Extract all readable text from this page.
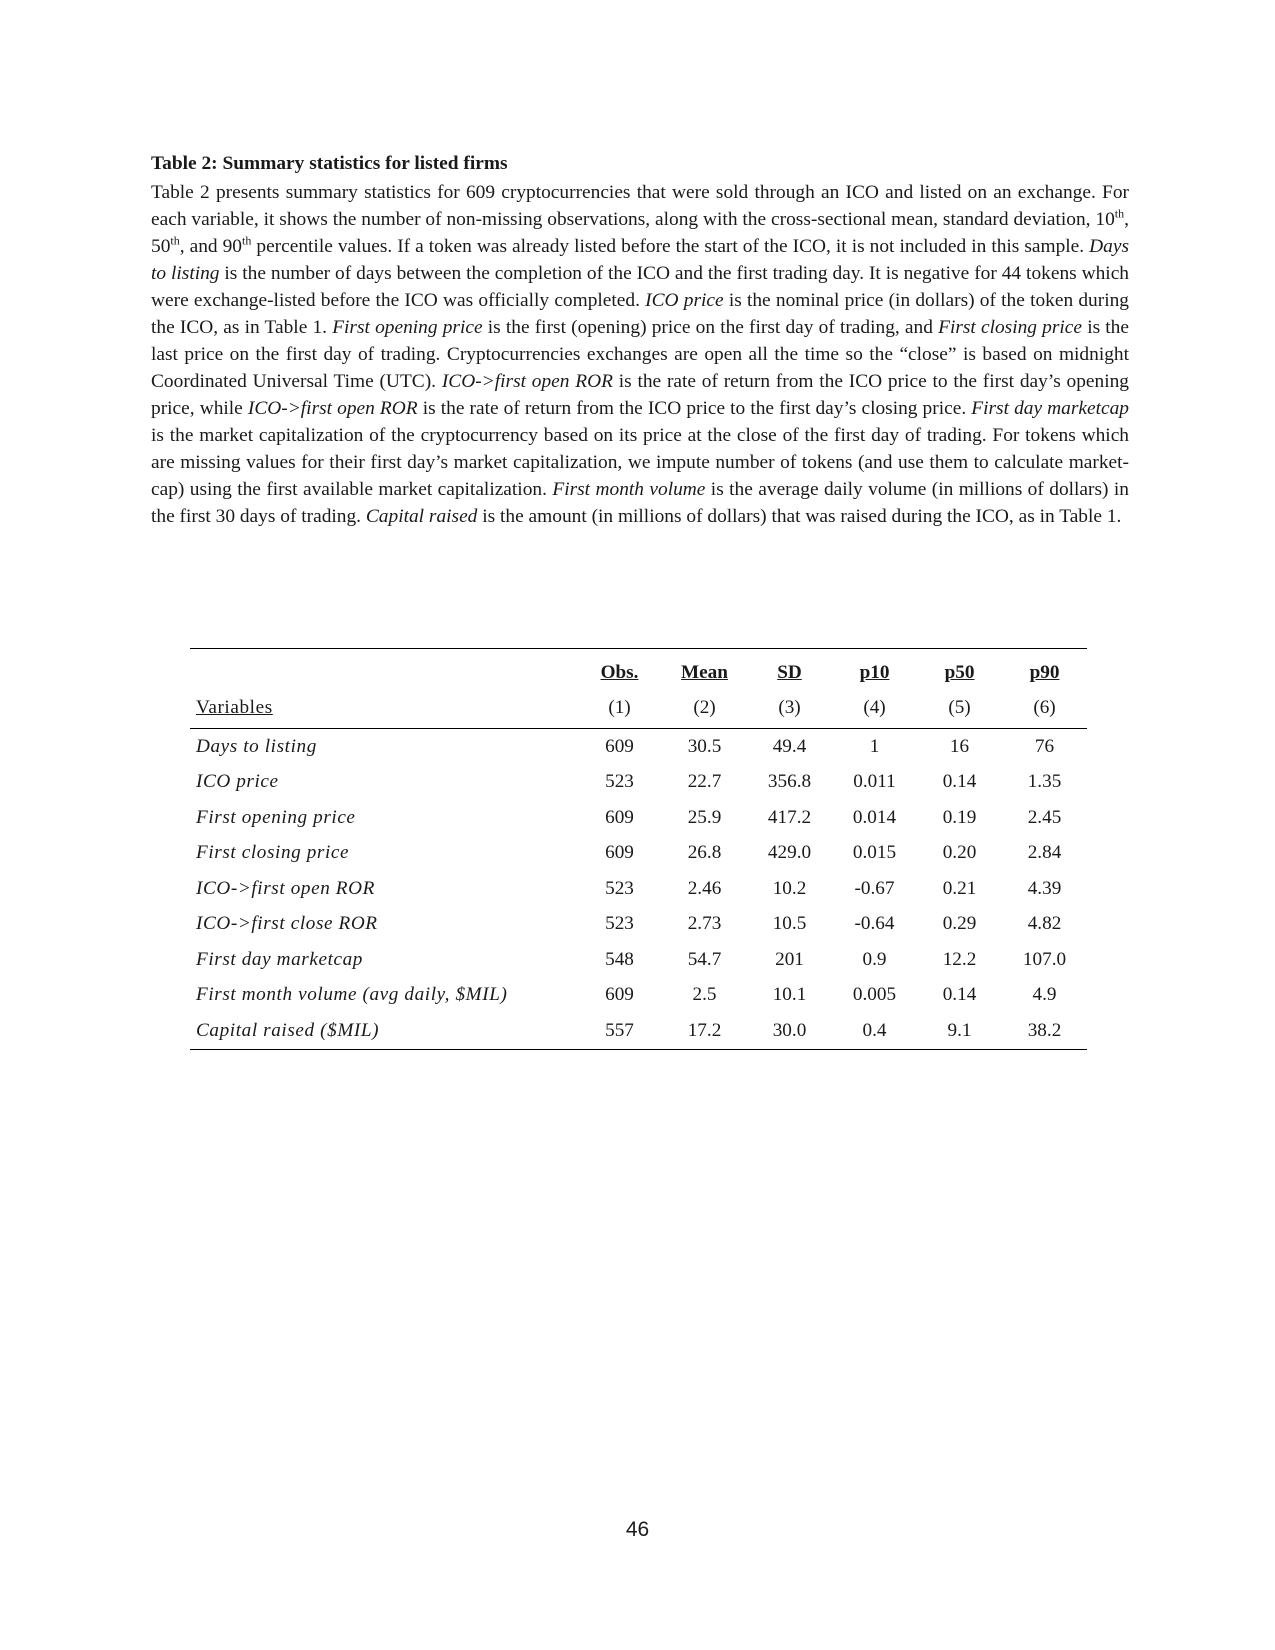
Table 2: Summary statistics for listed firms
Table 2 presents summary statistics for 609 cryptocurrencies that were sold through an ICO and listed on an exchange. For each variable, it shows the number of non-missing observations, along with the cross-sectional mean, standard deviation, 10th, 50th, and 90th percentile values. If a token was already listed before the start of the ICO, it is not included in this sample. Days to listing is the number of days between the completion of the ICO and the first trading day. It is negative for 44 tokens which were exchange-listed before the ICO was officially completed. ICO price is the nominal price (in dollars) of the token during the ICO, as in Table 1. First opening price is the first (opening) price on the first day of trading, and First closing price is the last price on the first day of trading. Cryptocurrencies exchanges are open all the time so the “close” is based on midnight Coordinated Universal Time (UTC). ICO->first open ROR is the rate of return from the ICO price to the first day’s opening price, while ICO->first open ROR is the rate of return from the ICO price to the first day’s closing price. First day marketcap is the market capitalization of the cryptocurrency based on its price at the close of the first day of trading. For tokens which are missing values for their first day’s market capitalization, we impute number of tokens (and use them to calculate market-cap) using the first available market capitalization. First month volume is the average daily volume (in millions of dollars) in the first 30 days of trading. Capital raised is the amount (in millions of dollars) that was raised during the ICO, as in Table 1.
	Obs.	Mean	SD	p10	p50	p90
Variables	(1)	(2)	(3)	(4)	(5)	(6)
Days to listing	609	30.5	49.4	1	16	76
ICO price	523	22.7	356.8	0.011	0.14	1.35
First opening price	609	25.9	417.2	0.014	0.19	2.45
First closing price	609	26.8	429.0	0.015	0.20	2.84
ICO->first open ROR	523	2.46	10.2	-0.67	0.21	4.39
ICO->first close ROR	523	2.73	10.5	-0.64	0.29	4.82
First day marketcap	548	54.7	201	0.9	12.2	107.0
First month volume (avg daily, $MIL)	609	2.5	10.1	0.005	0.14	4.9
Capital raised ($MIL)	557	17.2	30.0	0.4	9.1	38.2
46
